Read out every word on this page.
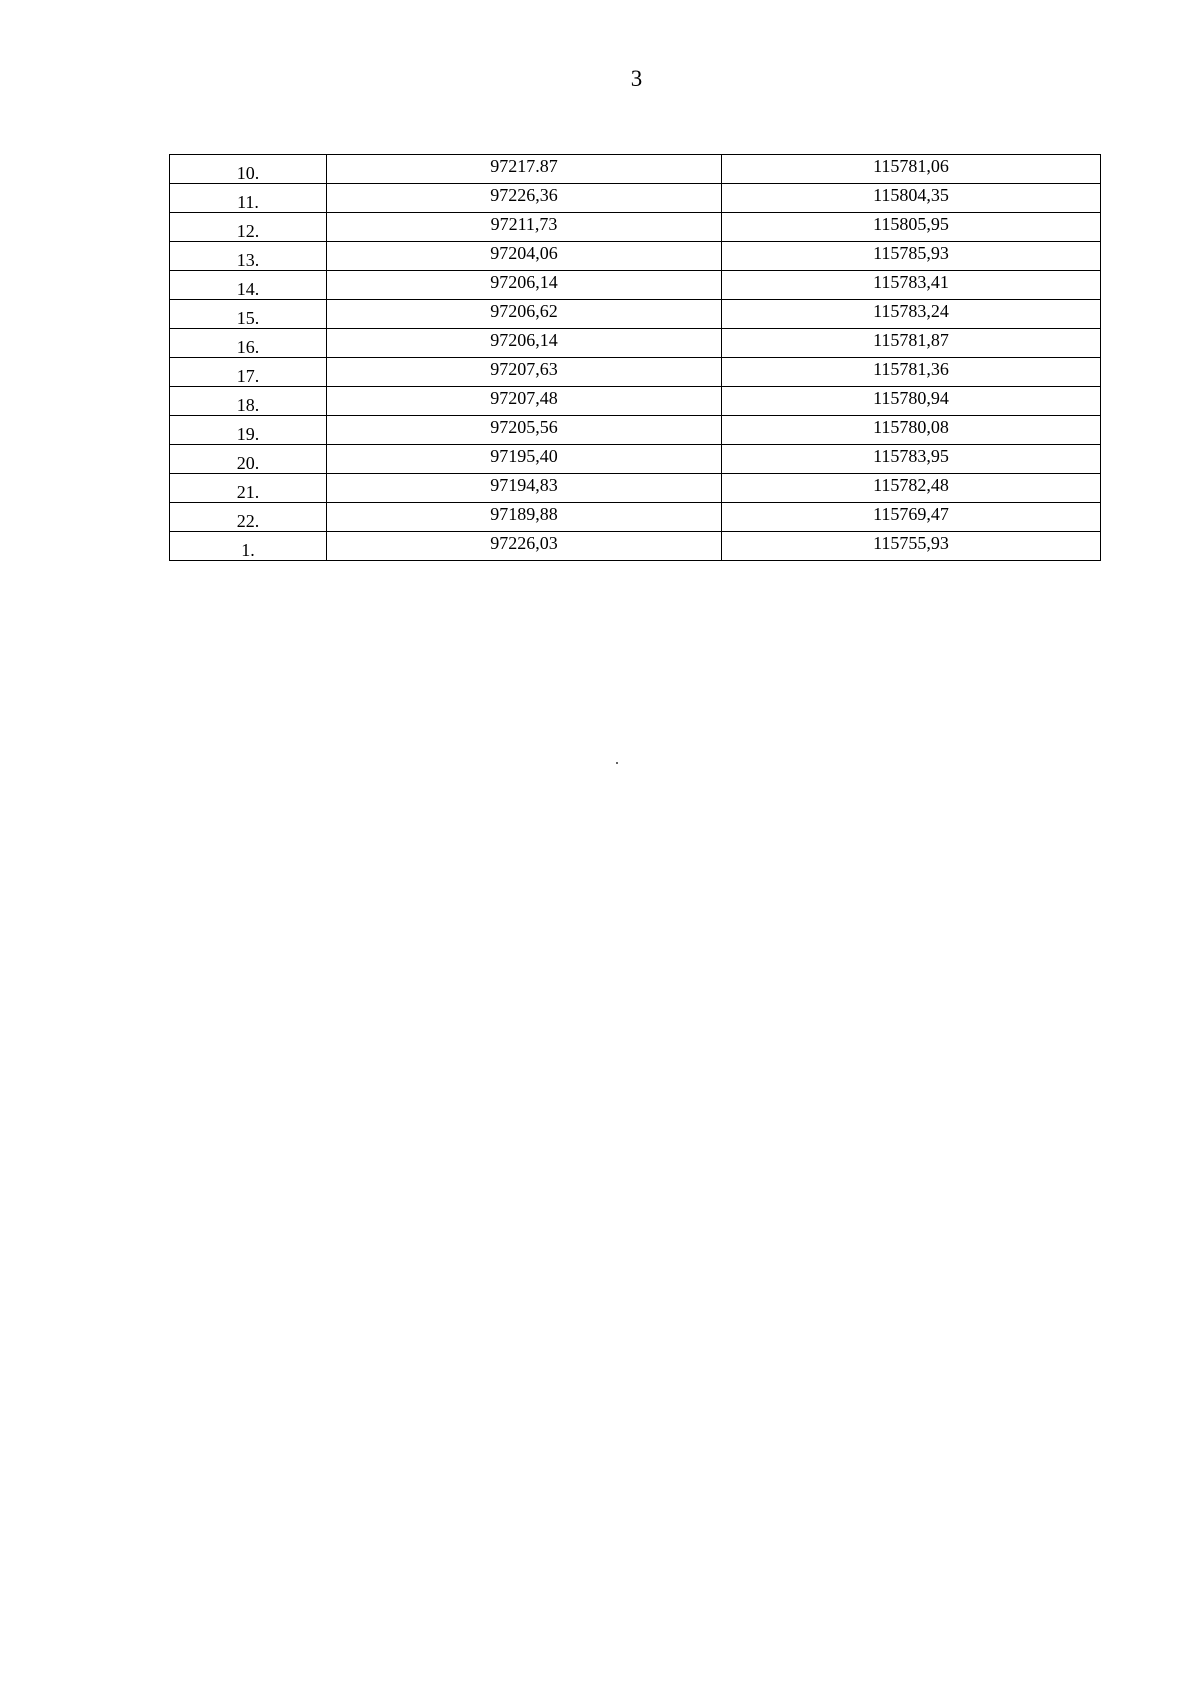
3
10.	97217.87	115781,06
11.	97226,36	115804,35
12.	97211,73	115805,95
13.	97204,06	115785,93
14.	97206,14	115783,41
15.	97206,62	115783,24
16.	97206,14	115781,87
17.	97207,63	115781,36
18.	97207,48	115780,94
19.	97205,56	115780,08
20.	97195,40	115783,95
21.	97194,83	115782,48
22.	97189,88	115769,47
1.	97226,03	115755,93
